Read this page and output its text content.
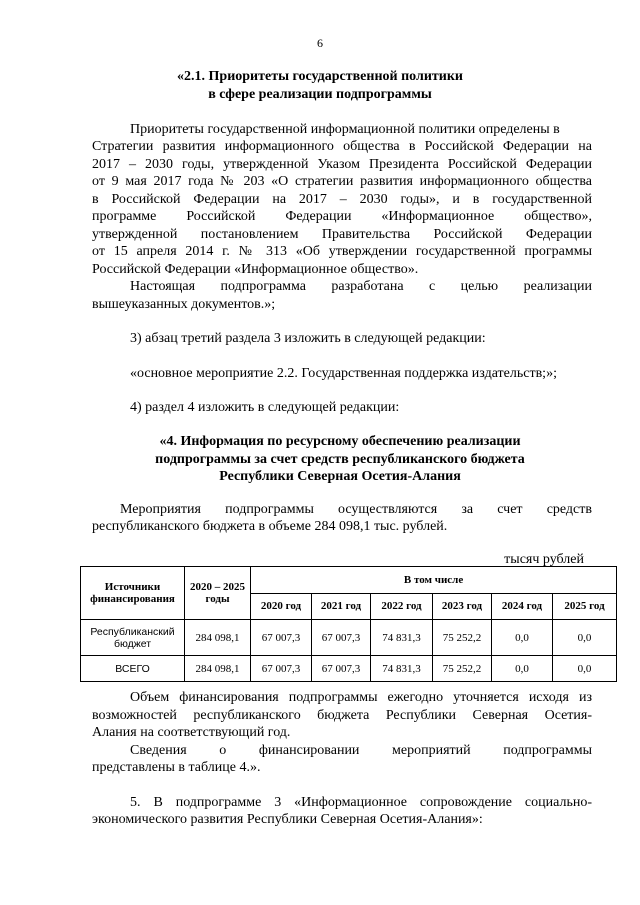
6
«2.1. Приоритеты государственной политики
в сфере реализации подпрограммы
Приоритеты государственной информационной политики определены в
Стратегии развития информационного общества в Российской Федерации на
2017 – 2030 годы, утвержденной Указом Президента Российской Федерации
от 9 мая 2017 года № 203 «О стратегии развития информационного общества
в Российской Федерации на 2017 – 2030 годы», и в государственной
программе Российской Федерации «Информационное общество»,
утвержденной постановлением Правительства Российской Федерации
от 15 апреля 2014 г. № 313 «Об утверждении государственной программы
Российской Федерации «Информационное общество».
Настоящая подпрограмма разработана с целью реализации
вышеуказанных документов.»;
3) абзац третий раздела 3 изложить в следующей редакции:
«основное мероприятие 2.2. Государственная поддержка издательств;»;
4) раздел 4 изложить в следующей редакции:
«4. Информация по ресурсному обеспечению реализации
подпрограммы за счет средств республиканского бюджета
Республики Северная Осетия-Алания
Мероприятия подпрограммы осуществляются за счет средств
республиканского бюджета в объеме 284 098,1 тыс. рублей.
тысяч рублей
Источники финансирования	2020 – 2025 годы	В том числе					
		2020 год	2021 год	2022 год	2023 год	2024 год	2025 год
Республиканский бюджет	284 098,1	67 007,3	67 007,3	74 831,3	75 252,2	0,0	0,0
ВСЕГО	284 098,1	67 007,3	67 007,3	74 831,3	75 252,2	0,0	0,0
Объем финансирования подпрограммы ежегодно уточняется исходя из
возможностей республиканского бюджета Республики Северная Осетия-
Алания на соответствующий год.
Сведения о финансировании мероприятий подпрограммы
представлены в таблице 4.».
5. В подпрограмме 3 «Информационное сопровождение социально-
экономического развития Республики Северная Осетия-Алания»:
